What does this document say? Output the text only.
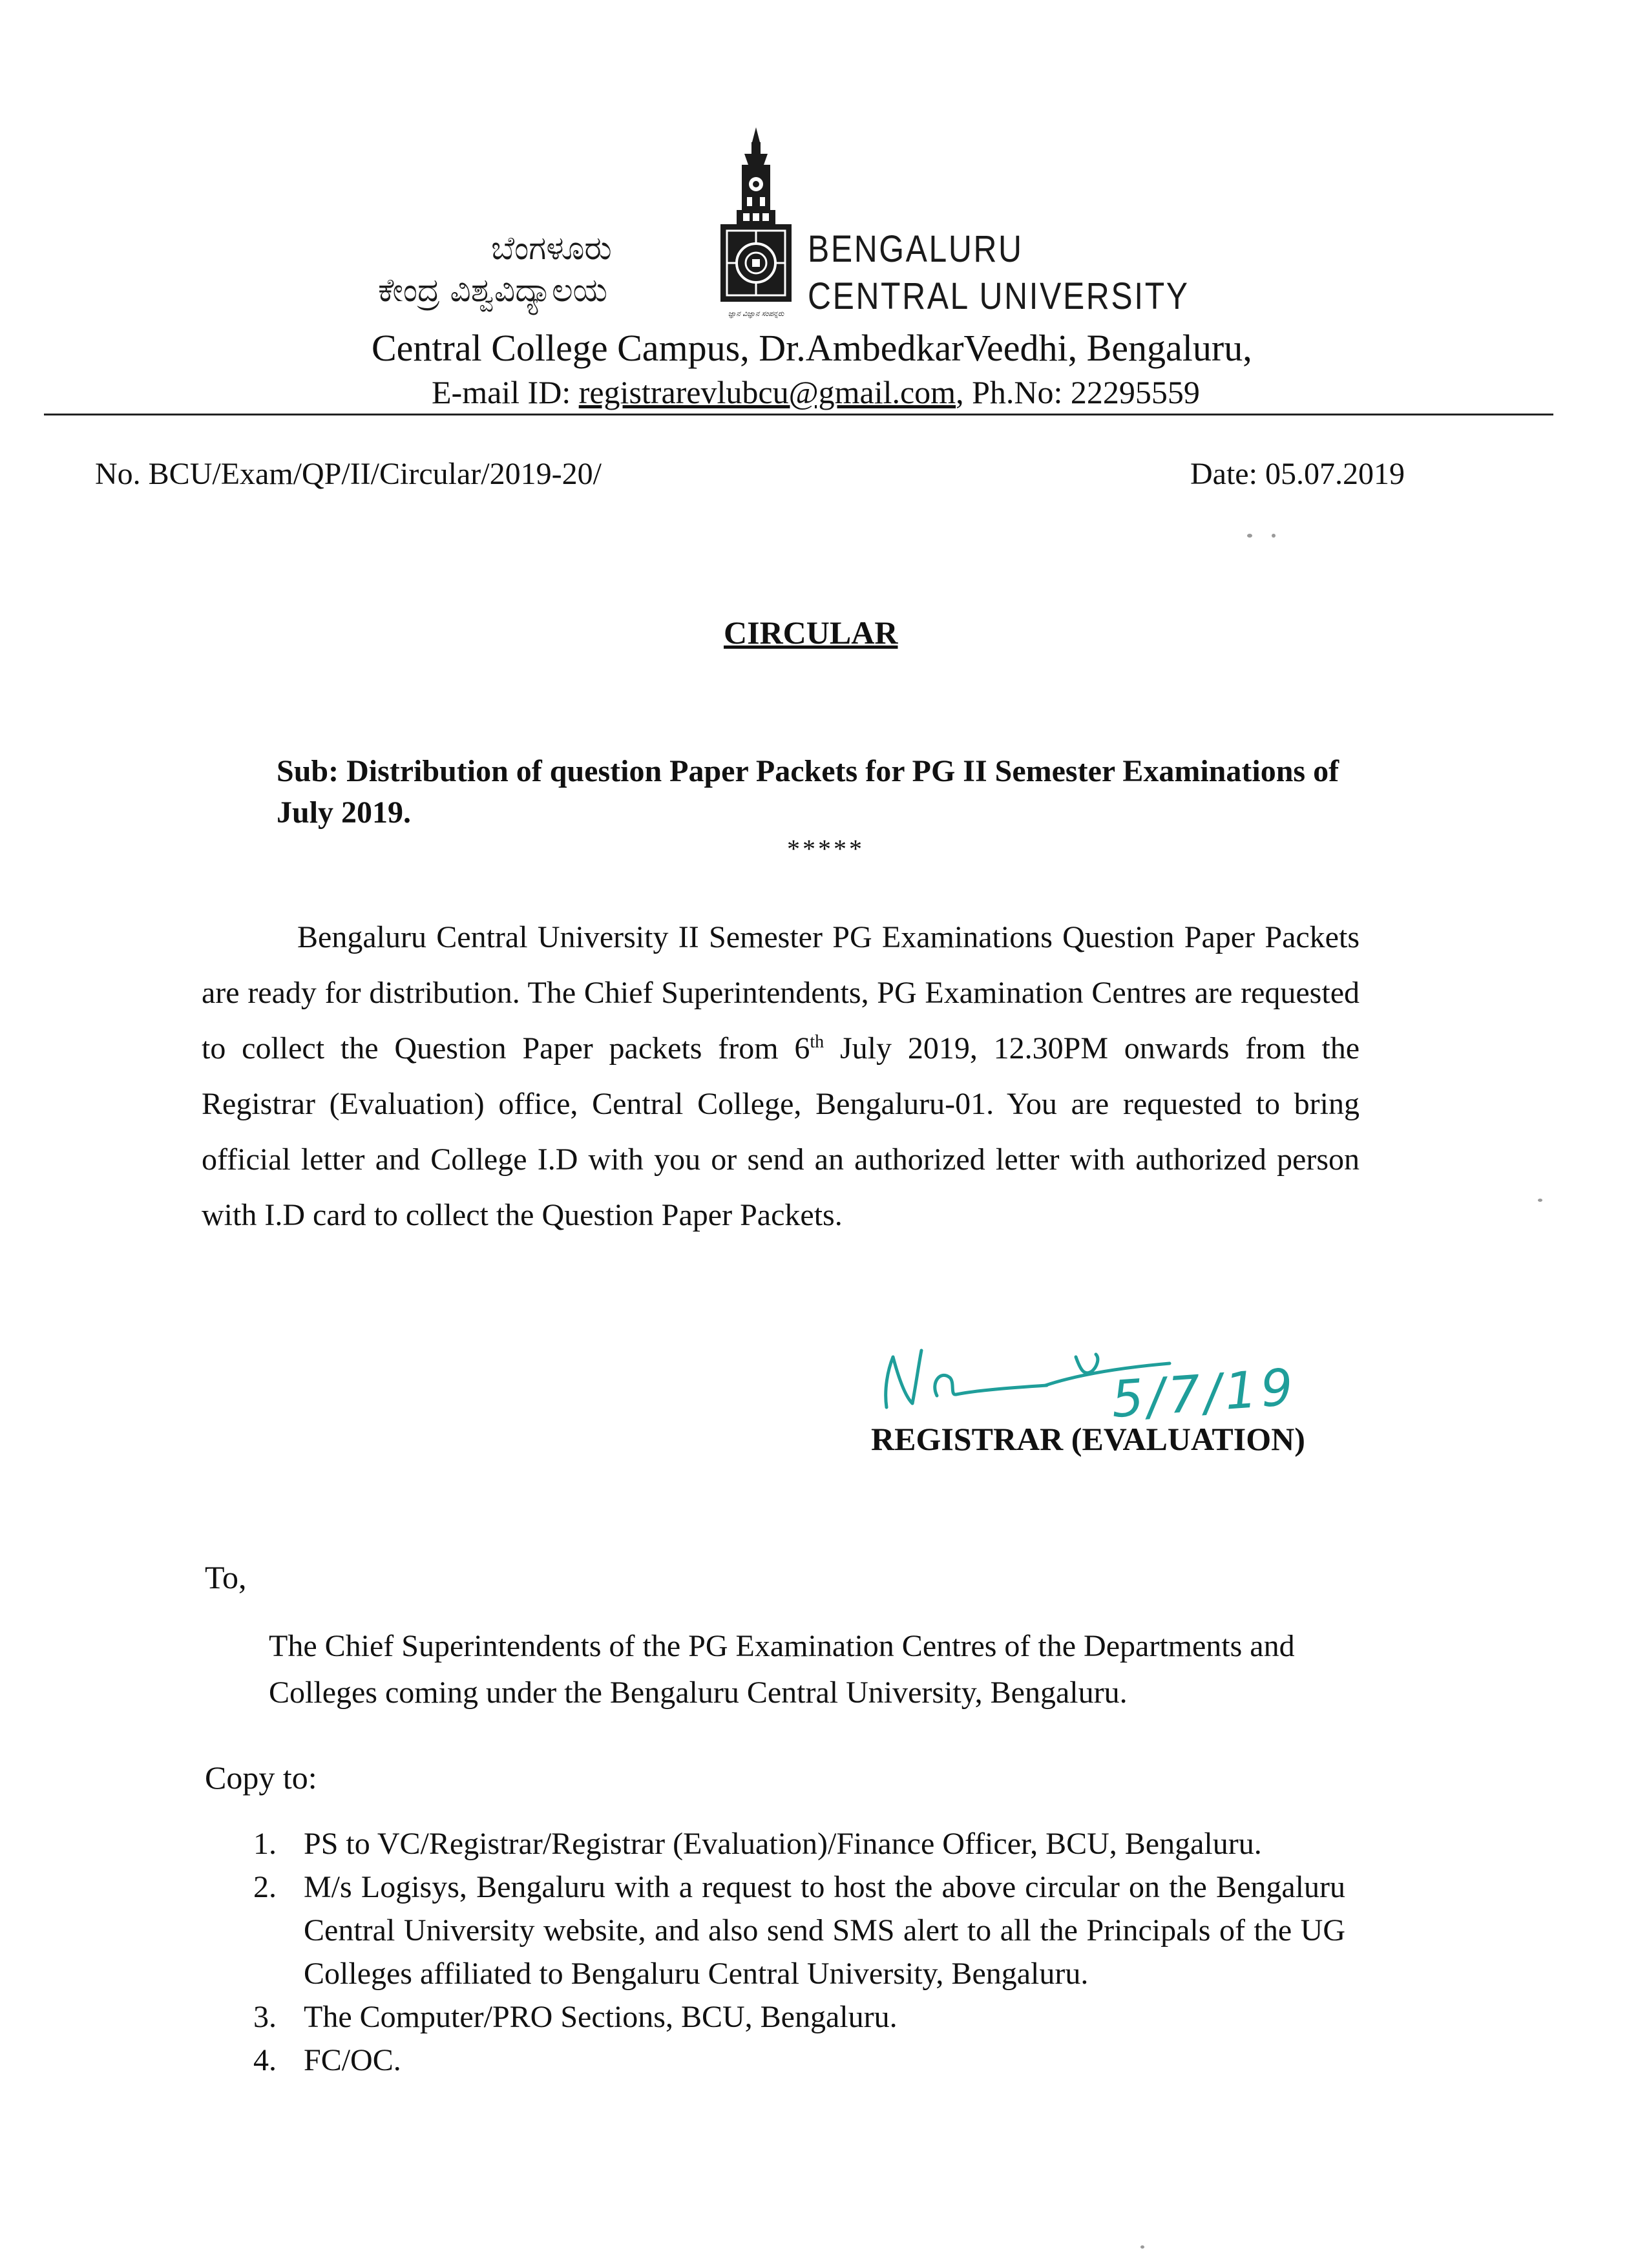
ಬೆಂಗಳೂರು
ಕೇಂದ್ರ ವಿಶ್ವವಿದ್ಯಾಲಯ
ಜ್ಞಾನ ವಿಜ್ಞಾನ ಸಂಪನ್ನರು
BENGALURU
CENTRAL UNIVERSITY
Central College Campus, Dr.AmbedkarVeedhi, Bengaluru,
E-mail ID: registrarevlubcu@gmail.com, Ph.No: 22295559
No. BCU/Exam/QP/II/Circular/2019-20/	Date: 05.07.2019
CIRCULAR
Sub: Distribution of question Paper Packets for PG II Semester Examinations of July 2019.
*****
Bengaluru Central University II Semester PG Examinations Question Paper Packets are ready for distribution. The Chief Superintendents, PG Examination Centres are requested to collect the Question Paper packets from 6th July 2019, 12.30PM onwards from the Registrar (Evaluation) office, Central College, Bengaluru-01. You are requested to bring official letter and College I.D with you or send an authorized letter with authorized person with I.D card to collect the Question Paper Packets.
5/7/19
REGISTRAR (EVALUATION)
To,
The Chief Superintendents of the PG Examination Centres of the Departments and Colleges coming under the Bengaluru Central University, Bengaluru.
Copy to:
1. PS to VC/Registrar/Registrar (Evaluation)/Finance Officer, BCU, Bengaluru.
2. M/s Logisys, Bengaluru with a request to host the above circular on the Bengaluru Central University website, and also send SMS alert to all the Principals of the UG Colleges affiliated to Bengaluru Central University, Bengaluru.
3. The Computer/PRO Sections, BCU, Bengaluru.
4. FC/OC.
